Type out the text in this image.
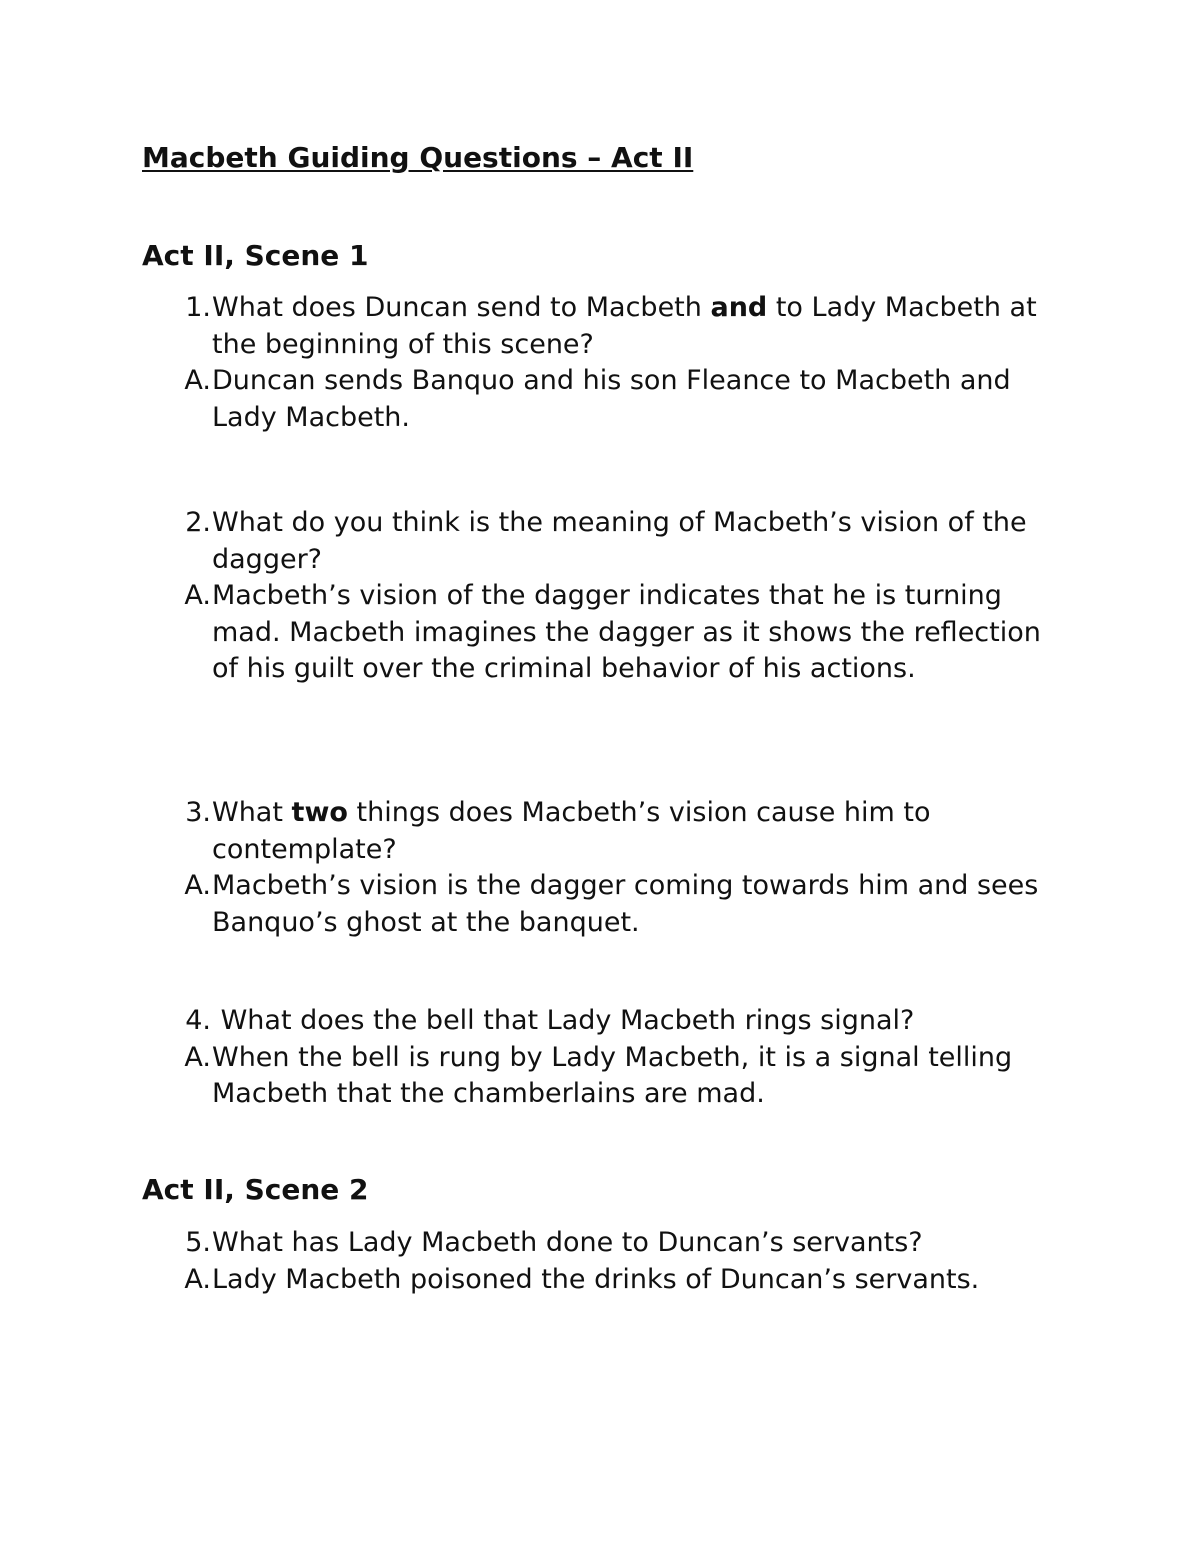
Macbeth Guiding Questions – Act II
Act II, Scene 1
1. What does Duncan send to Macbeth and to Lady Macbeth at the beginning of this scene?
A. Duncan sends Banquo and his son Fleance to Macbeth and Lady Macbeth.
2. What do you think is the meaning of Macbeth’s vision of the dagger?
A. Macbeth’s vision of the dagger indicates that he is turning mad. Macbeth imagines the dagger as it shows the reflection of his guilt over the criminal behavior of his actions.
3. What two things does Macbeth’s vision cause him to contemplate?
A. Macbeth’s vision is the dagger coming towards him and sees Banquo’s ghost at the banquet.
4. What does the bell that Lady Macbeth rings signal?
A. When the bell is rung by Lady Macbeth, it is a signal telling Macbeth that the chamberlains are mad.
Act II, Scene 2
5. What has Lady Macbeth done to Duncan’s servants?
A. Lady Macbeth poisoned the drinks of Duncan’s servants.
